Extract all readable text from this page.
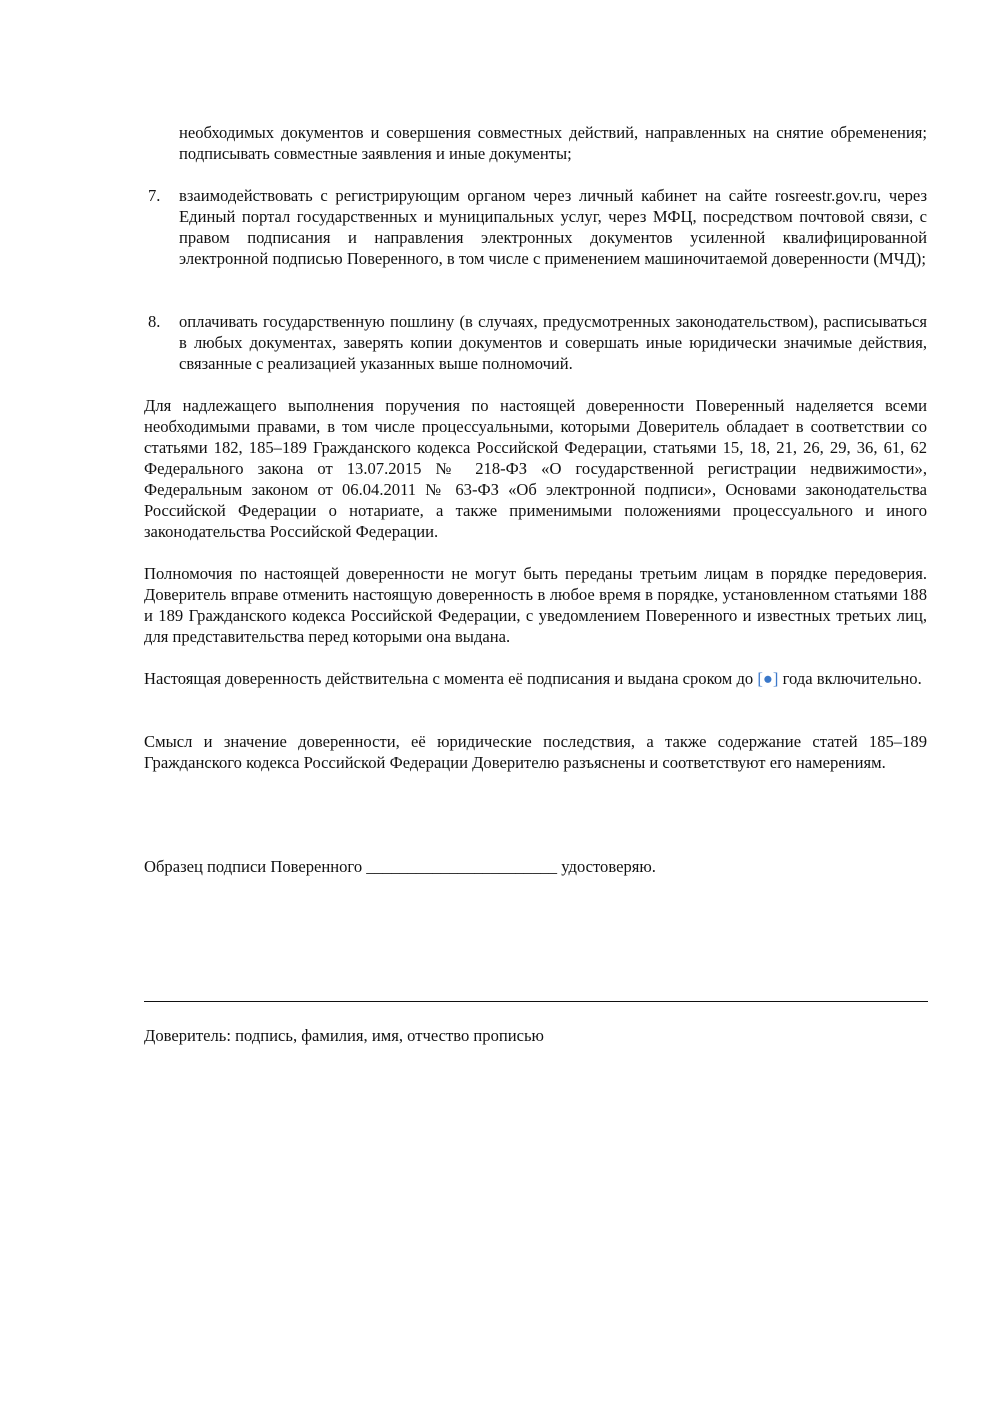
необходимых документов и совершения совместных действий, направленных на снятие обременения; подписывать совместные заявления и иные документы;

7.	взаимодействовать с регистрирующим органом через личный кабинет на сайте rosreestr.gov.ru, через Единый портал государственных и муниципальных услуг, через МФЦ, посредством почтовой связи, с правом подписания и направления электронных документов усиленной квалифицированной электронной подписью Поверенного, в том числе с применением машиночитаемой доверенности (МЧД);
8.	оплачивать государственную пошлину (в случаях, предусмотренных законодательством), расписываться в любых документах, заверять копии документов и совершать иные юридически значимые действия, связанные с реализацией указанных выше полномочий.

Для надлежащего выполнения поручения по настоящей доверенности Поверенный наделяется всеми необходимыми правами, в том числе процессуальными, которыми Доверитель обладает в соответствии со статьями 182, 185–189 Гражданского кодекса Российской Федерации, статьями 15, 18, 21, 26, 29, 36, 61, 62 Федерального закона от 13.07.2015 № 218-ФЗ «О государственной регистрации недвижимости», Федеральным законом от 06.04.2011 № 63-ФЗ «Об электронной подписи», Основами законодательства Российской Федерации о нотариате, а также применимыми положениями процессуального и иного законодательства Российской Федерации.

Полномочия по настоящей доверенности не могут быть переданы третьим лицам в порядке передоверия. Доверитель вправе отменить настоящую доверенность в любое время в порядке, установленном статьями 188 и 189 Гражданского кодекса Российской Федерации, с уведомлением Поверенного и известных третьих лиц, для представительства перед которыми она выдана.

Настоящая доверенность действительна с момента её подписания и выдана сроком до [●] года включительно.

Смысл и значение доверенности, её юридические последствия, а также содержание статей 185–189 Гражданского кодекса Российской Федерации Доверителю разъяснены и соответствуют его намерениям.

Образец подписи Поверенного _______________________ удостоверяю.

Доверитель: подпись, фамилия, имя, отчество прописью
